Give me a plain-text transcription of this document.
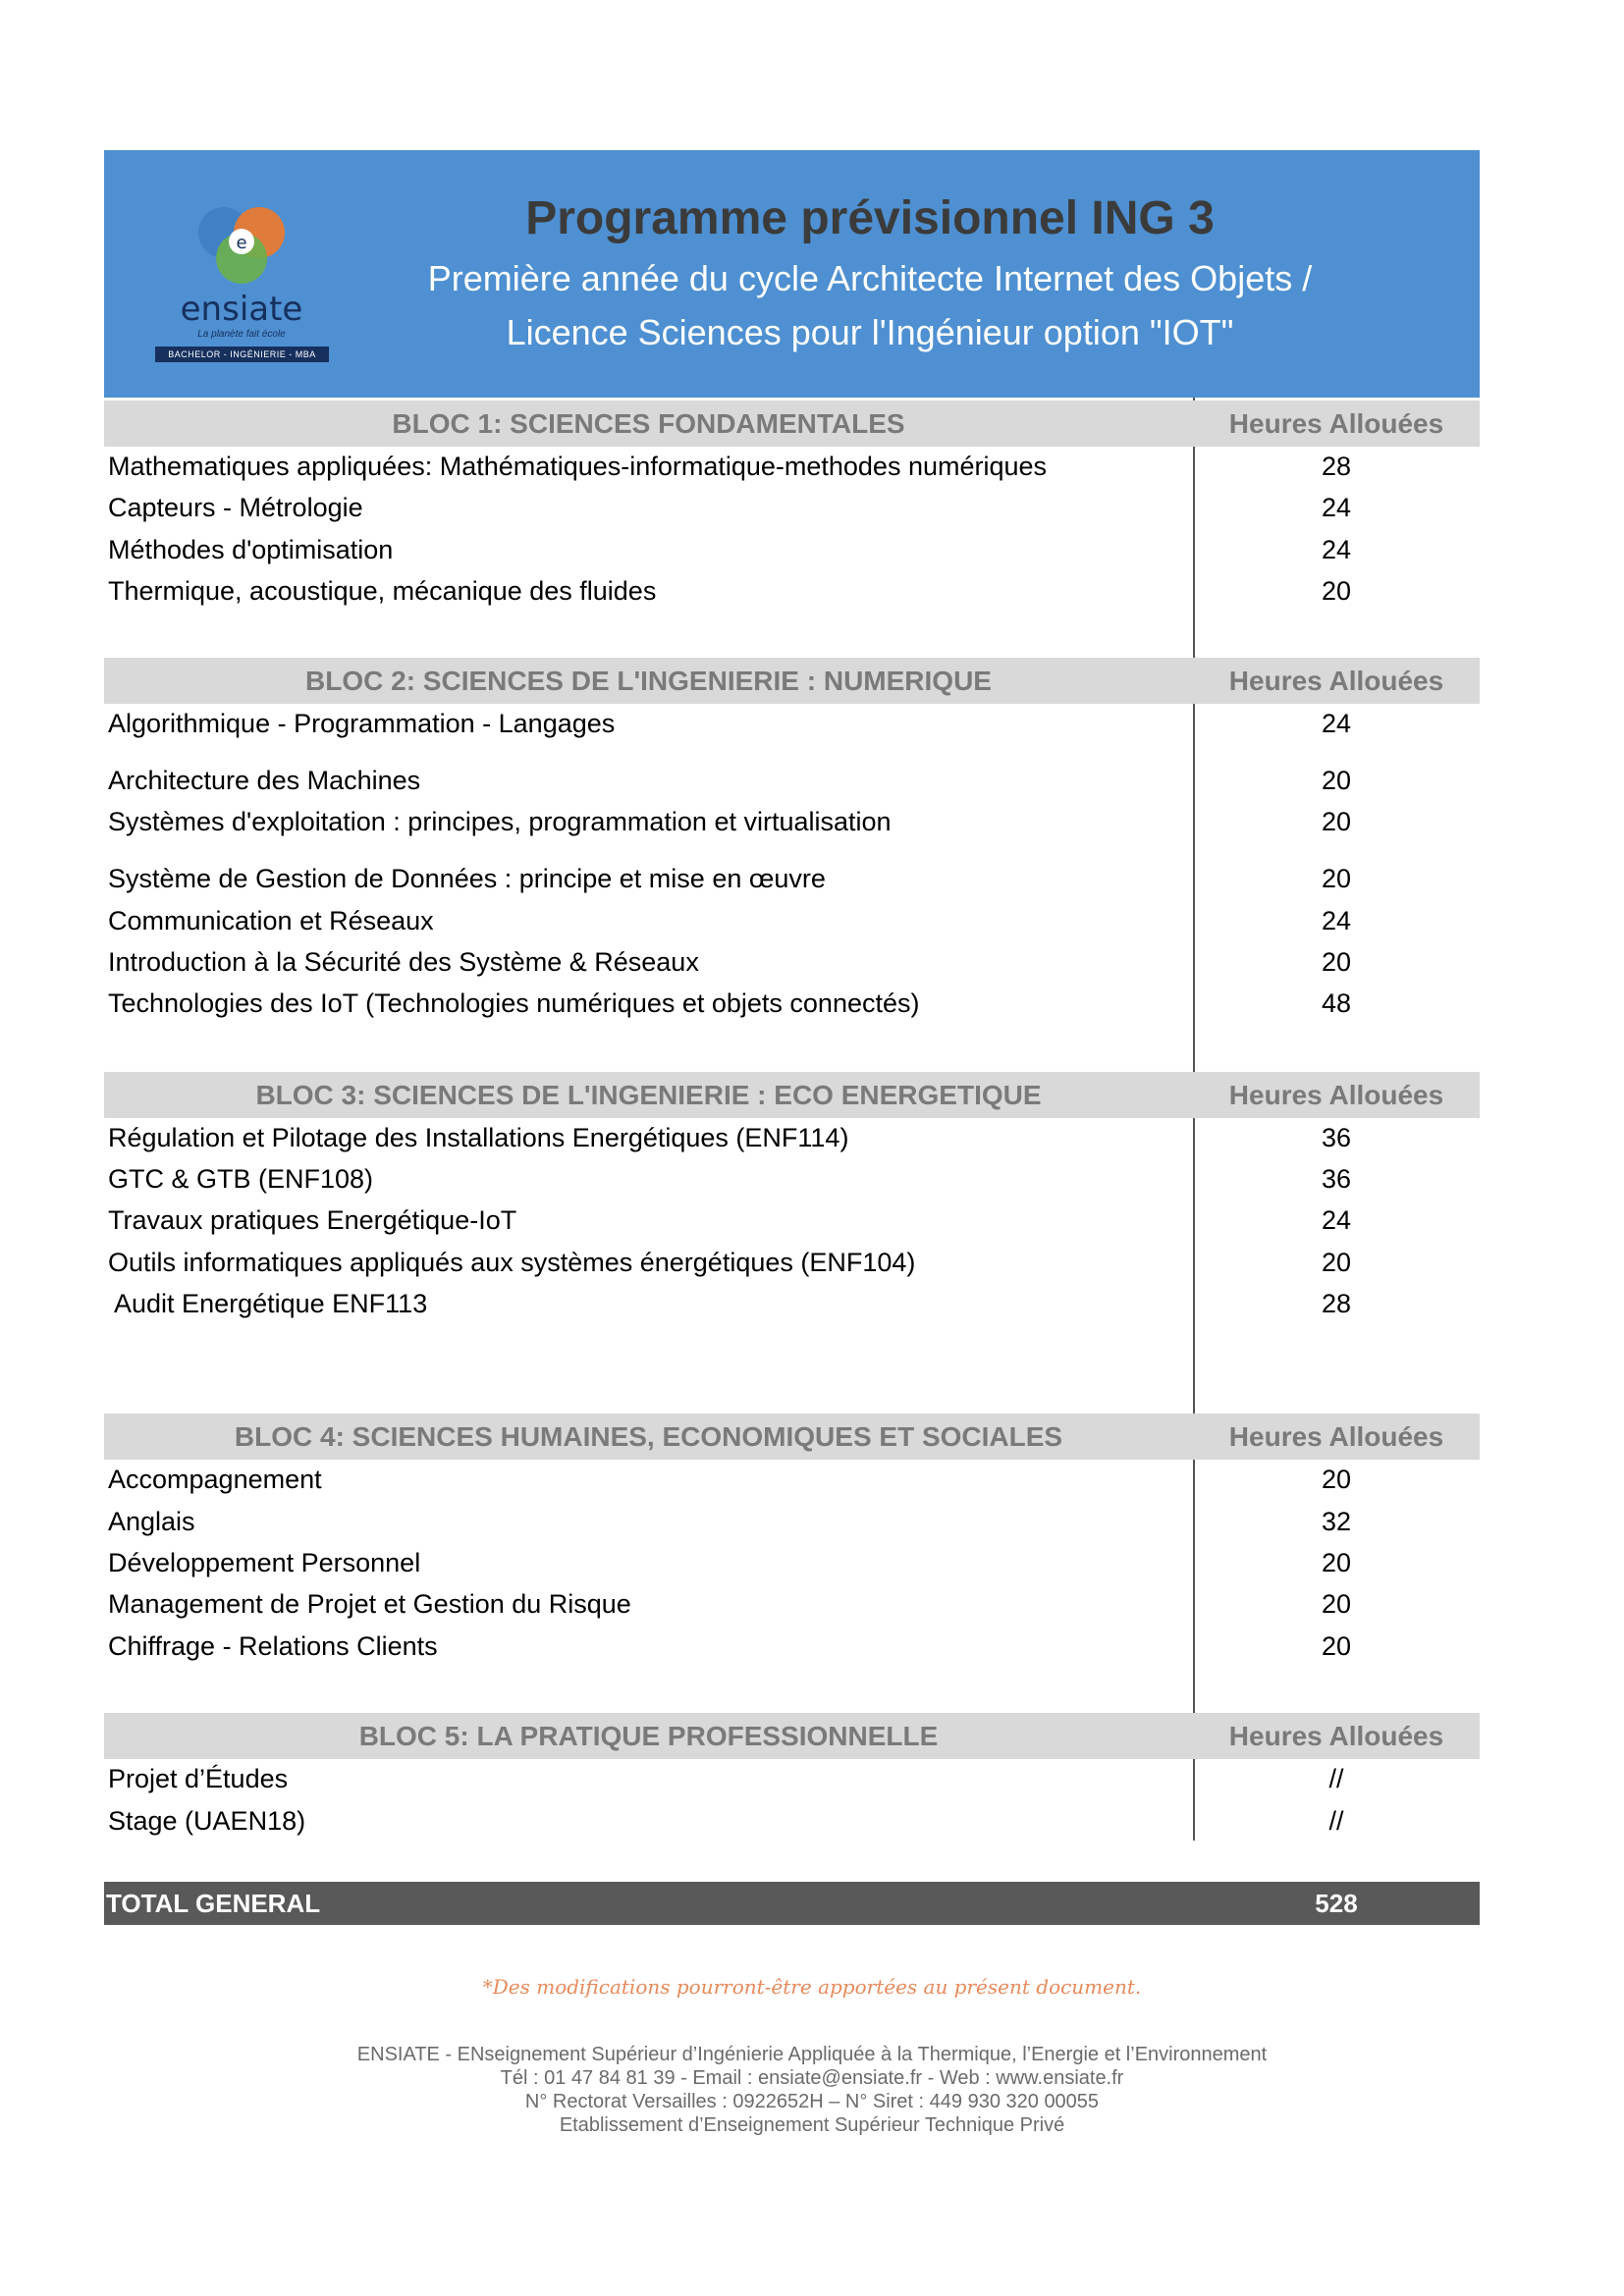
e
ensiate
La planète fait école
BACHELOR - INGÉNIERIE - MBA
Programme prévisionnel ING 3
Première année du cycle Architecte Internet des Objets /
Licence Sciences pour l'Ingénieur option "IOT"
BLOC 1: SCIENCES FONDAMENTALES	Heures Allouées
Mathematiques appliquées: Mathématiques-informatique-methodes numériques	28
Capteurs - Métrologie	24
Méthodes d'optimisation	24
Thermique, acoustique, mécanique des fluides	20
BLOC 2: SCIENCES DE L'INGENIERIE : NUMERIQUE	Heures Allouées
Algorithmique - Programmation - Langages	24
Architecture des Machines	20
Systèmes d'exploitation : principes, programmation et virtualisation	20
Système de Gestion de Données : principe et mise en œuvre	20
Communication et Réseaux	24
Introduction à la Sécurité des Système & Réseaux	20
Technologies des IoT (Technologies numériques et objets connectés)	48
BLOC 3: SCIENCES DE L'INGENIERIE : ECO ENERGETIQUE	Heures Allouées
Régulation et Pilotage des Installations Energétiques (ENF114)	36
GTC & GTB (ENF108)	36
Travaux pratiques Energétique-IoT	24
Outils informatiques appliqués aux systèmes énergétiques (ENF104)	20
Audit Energétique ENF113	28
BLOC 4: SCIENCES HUMAINES, ECONOMIQUES ET SOCIALES	Heures Allouées
Accompagnement	20
Anglais	32
Développement Personnel	20
Management de Projet et Gestion du Risque	20
Chiffrage - Relations Clients	20
BLOC 5: LA PRATIQUE PROFESSIONNELLE	Heures Allouées
Projet d’Études	//
Stage (UAEN18)	//
TOTAL GENERAL	528
*Des modifications pourront-être apportées au présent document.
ENSIATE - ENseignement Supérieur d’Ingénierie Appliquée à la Thermique, l’Energie et l’Environnement
Tél : 01 47 84 81 39 - Email : ensiate@ensiate.fr - Web : www.ensiate.fr
N° Rectorat Versailles : 0922652H – N° Siret : 449 930 320 00055
Etablissement d’Enseignement Supérieur Technique Privé
